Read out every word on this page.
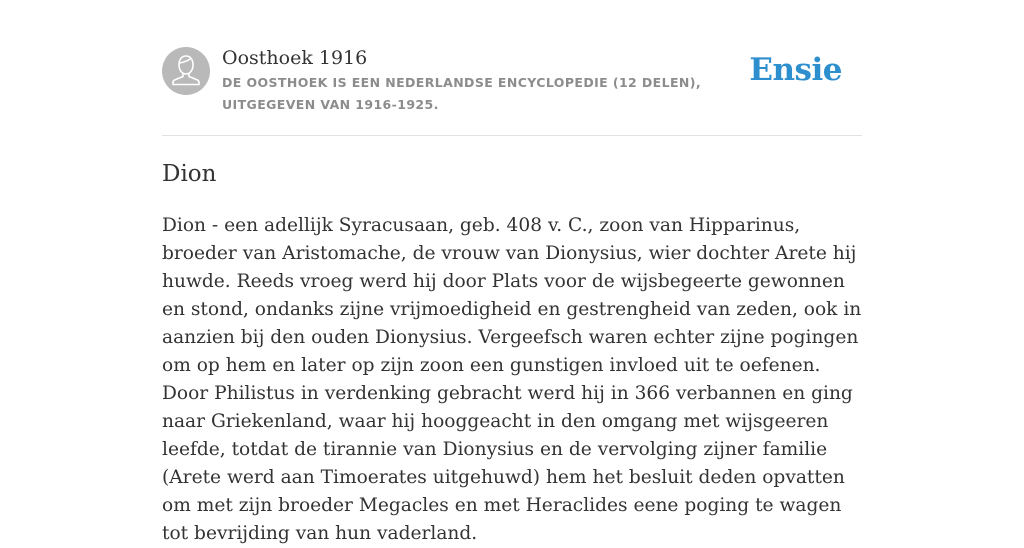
Oosthoek 1916
DE OOSTHOEK IS EEN NEDERLANDSE ENCYCLOPEDIE (12 DELEN), UITGEGEVEN VAN 1916-1925.
Ensie
Dion

Dion - een adellijk Syracusaan, geb. 408 v. C., zoon van Hipparinus, broeder van Aristomache, de vrouw van Dionysius, wier dochter Arete hij huwde. Reeds vroeg werd hij door Plats voor de wijsbegeerte gewonnen en stond, ondanks zijne vrijmoedigheid en gestrengheid van zeden, ook in aanzien bij den ouden Dionysius. Vergeefsch waren echter zijne pogingen om op hem en later op zijn zoon een gunstigen invloed uit te oefenen. Door Philistus in verdenking gebracht werd hij in 366 verbannen en ging naar Griekenland, waar hij hooggeacht in den omgang met wijsgeeren leefde, totdat de tirannie van Dionysius en de vervolging zijner familie (Arete werd aan Timoerates uitgehuwd) hem het besluit deden opvatten om met zijn broeder Megacles en met Heraclides eene poging te wagen tot bevrijding van hun vaderland.
